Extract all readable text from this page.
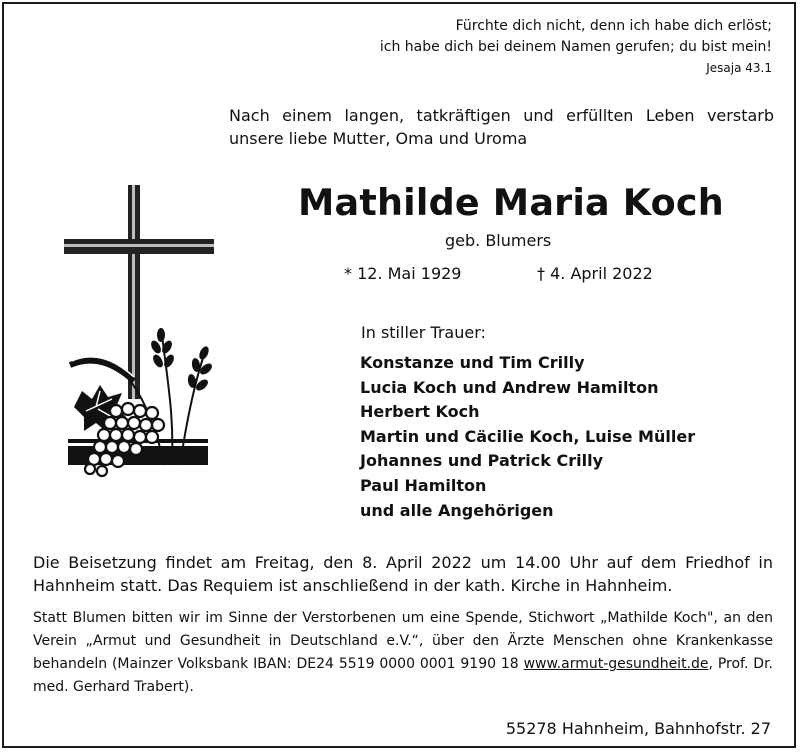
Fürchte dich nicht, denn ich habe dich erlöst;
ich habe dich bei deinem Namen gerufen; du bist mein!
Jesaja 43.1
Nach einem langen, tatkräftigen und erfüllten Leben verstarb unsere liebe Mutter, Oma und Uroma
Mathilde Maria Koch
geb. Blumers
* 12. Mai 1929	† 4. April 2022
In stiller Trauer:
Konstanze und Tim Crilly
Lucia Koch und Andrew Hamilton
Herbert Koch
Martin und Cäcilie Koch, Luise Müller
Johannes und Patrick Crilly
Paul Hamilton
und alle Angehörigen
Die Beisetzung findet am Freitag, den 8. April 2022 um 14.00 Uhr auf dem Friedhof in Hahnheim statt. Das Requiem ist anschließend in der kath. Kirche in Hahnheim.

Statt Blumen bitten wir im Sinne der Verstorbenen um eine Spende, Stichwort „Mathilde Koch", an den Verein „Armut und Gesundheit in Deutschland e.V.“, über den Ärzte Menschen ohne Krankenkasse behandeln (Mainzer Volksbank IBAN: DE24 5519 0000 0001 9190 18 www.armut-gesundheit.de, Prof. Dr. med. Gerhard Trabert).

55278 Hahnheim, Bahnhofstr. 27
